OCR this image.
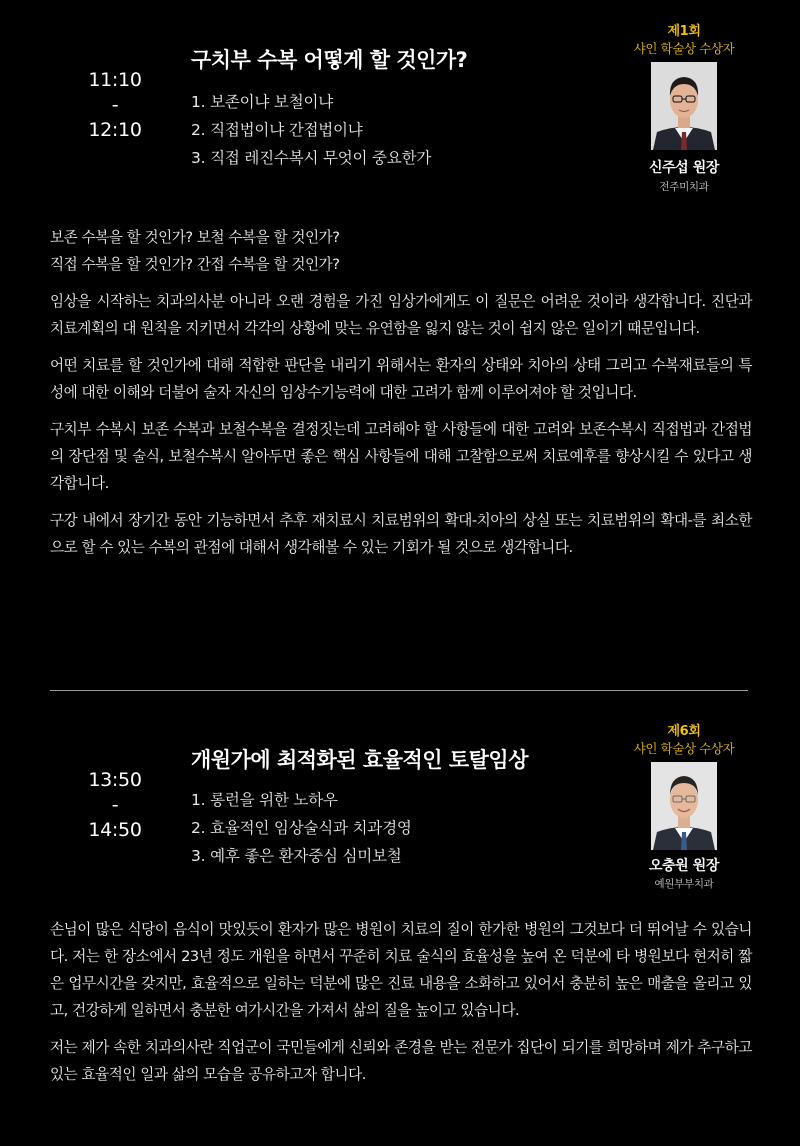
11:10
-
12:10
구치부 수복 어떻게 할 것인가?
1. 보존이냐 보철이냐
2. 직접법이냐 간접법이냐
3. 직접 레진수복시 무엇이 중요한가
제1회
샤인 학술상 수상자
신주섭 원장
전주미치과

보존 수복을 할 것인가? 보철 수복을 할 것인가?
직접 수복을 할 것인가? 간접 수복을 할 것인가?

임상을 시작하는 치과의사분 아니라 오랜 경험을 가진 임상가에게도 이 질문은 어려운 것이라 생각합니다. 진단과 치료계획의 대 원칙을 지키면서 각각의 상황에 맞는 유연함을 잃지 않는 것이 쉽지 않은 일이기 때문입니다.

어떤 치료를 할 것인가에 대해 적합한 판단을 내리기 위해서는 환자의 상태와 치아의 상태 그리고 수복재료들의 특성에 대한 이해와 더불어 술자 자신의 임상수기능력에 대한 고려가 함께 이루어져야 할 것입니다.

구치부 수복시 보존 수복과 보철수복을 결정짓는데 고려해야 할 사항들에 대한 고려와 보존수복시 직접법과 간접법의 장단점 및 술식, 보철수복시 알아두면 좋은 핵심 사항들에 대해 고찰함으로써 치료예후를 향상시킬 수 있다고 생각합니다.

구강 내에서 장기간 동안 기능하면서 추후 재치료시 치료범위의 확대-치아의 상실 또는 치료범위의 확대-를 최소한으로 할 수 있는 수복의 관점에 대해서 생각해볼 수 있는 기회가 될 것으로 생각합니다.

13:50
-
14:50
개원가에 최적화된 효율적인 토탈임상
1. 롱런을 위한 노하우
2. 효율적인 임상술식과 치과경영
3. 예후 좋은 환자중심 심미보철
제6회
샤인 학술상 수상자
오충원 원장
예원부부치과

손님이 많은 식당이 음식이 맛있듯이 환자가 많은 병원이 치료의 질이 한가한 병원의 그것보다 더 뛰어날 수 있습니다. 저는 한 장소에서 23년 정도 개원을 하면서 꾸준히 치료 술식의 효율성을 높여 온 덕분에 타 병원보다 현저히 짧은 업무시간을 갖지만, 효율적으로 일하는 덕분에 많은 진료 내용을 소화하고 있어서 충분히 높은 매출을 올리고 있고, 건강하게 일하면서 충분한 여가시간을 가져서 삶의 질을 높이고 있습니다.

저는 제가 속한 치과의사란 직업군이 국민들에게 신뢰와 존경을 받는 전문가 집단이 되기를 희망하며 제가 추구하고 있는 효율적인 일과 삶의 모습을 공유하고자 합니다.
